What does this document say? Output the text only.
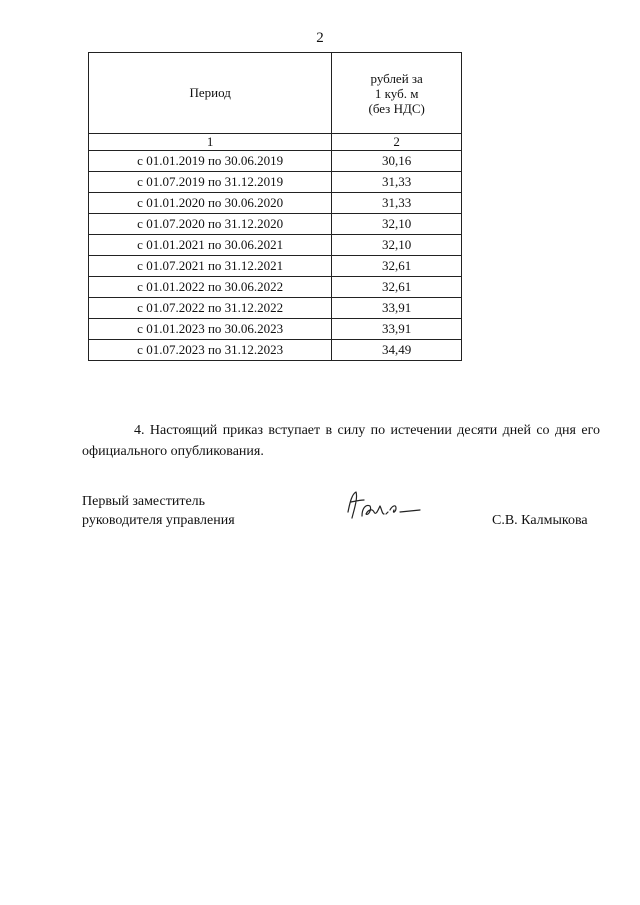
2
Период	рублей за
1 куб. м
(без НДС)

1	2
с 01.01.2019 по 30.06.2019	30,16
с 01.07.2019 по 31.12.2019	31,33
с 01.01.2020 по 30.06.2020	31,33
с 01.07.2020 по 31.12.2020	32,10
с 01.01.2021 по 30.06.2021	32,10
с 01.07.2021 по 31.12.2021	32,61
с 01.01.2022 по 30.06.2022	32,61
с 01.07.2022 по 31.12.2022	33,91
с 01.01.2023 по 30.06.2023	33,91
с 01.07.2023 по 31.12.2023	34,49
4. Настоящий приказ вступает в силу по истечении десяти дней со дня его официального опубликования.
Первый заместитель
руководителя управления	С.В. Калмыкова
